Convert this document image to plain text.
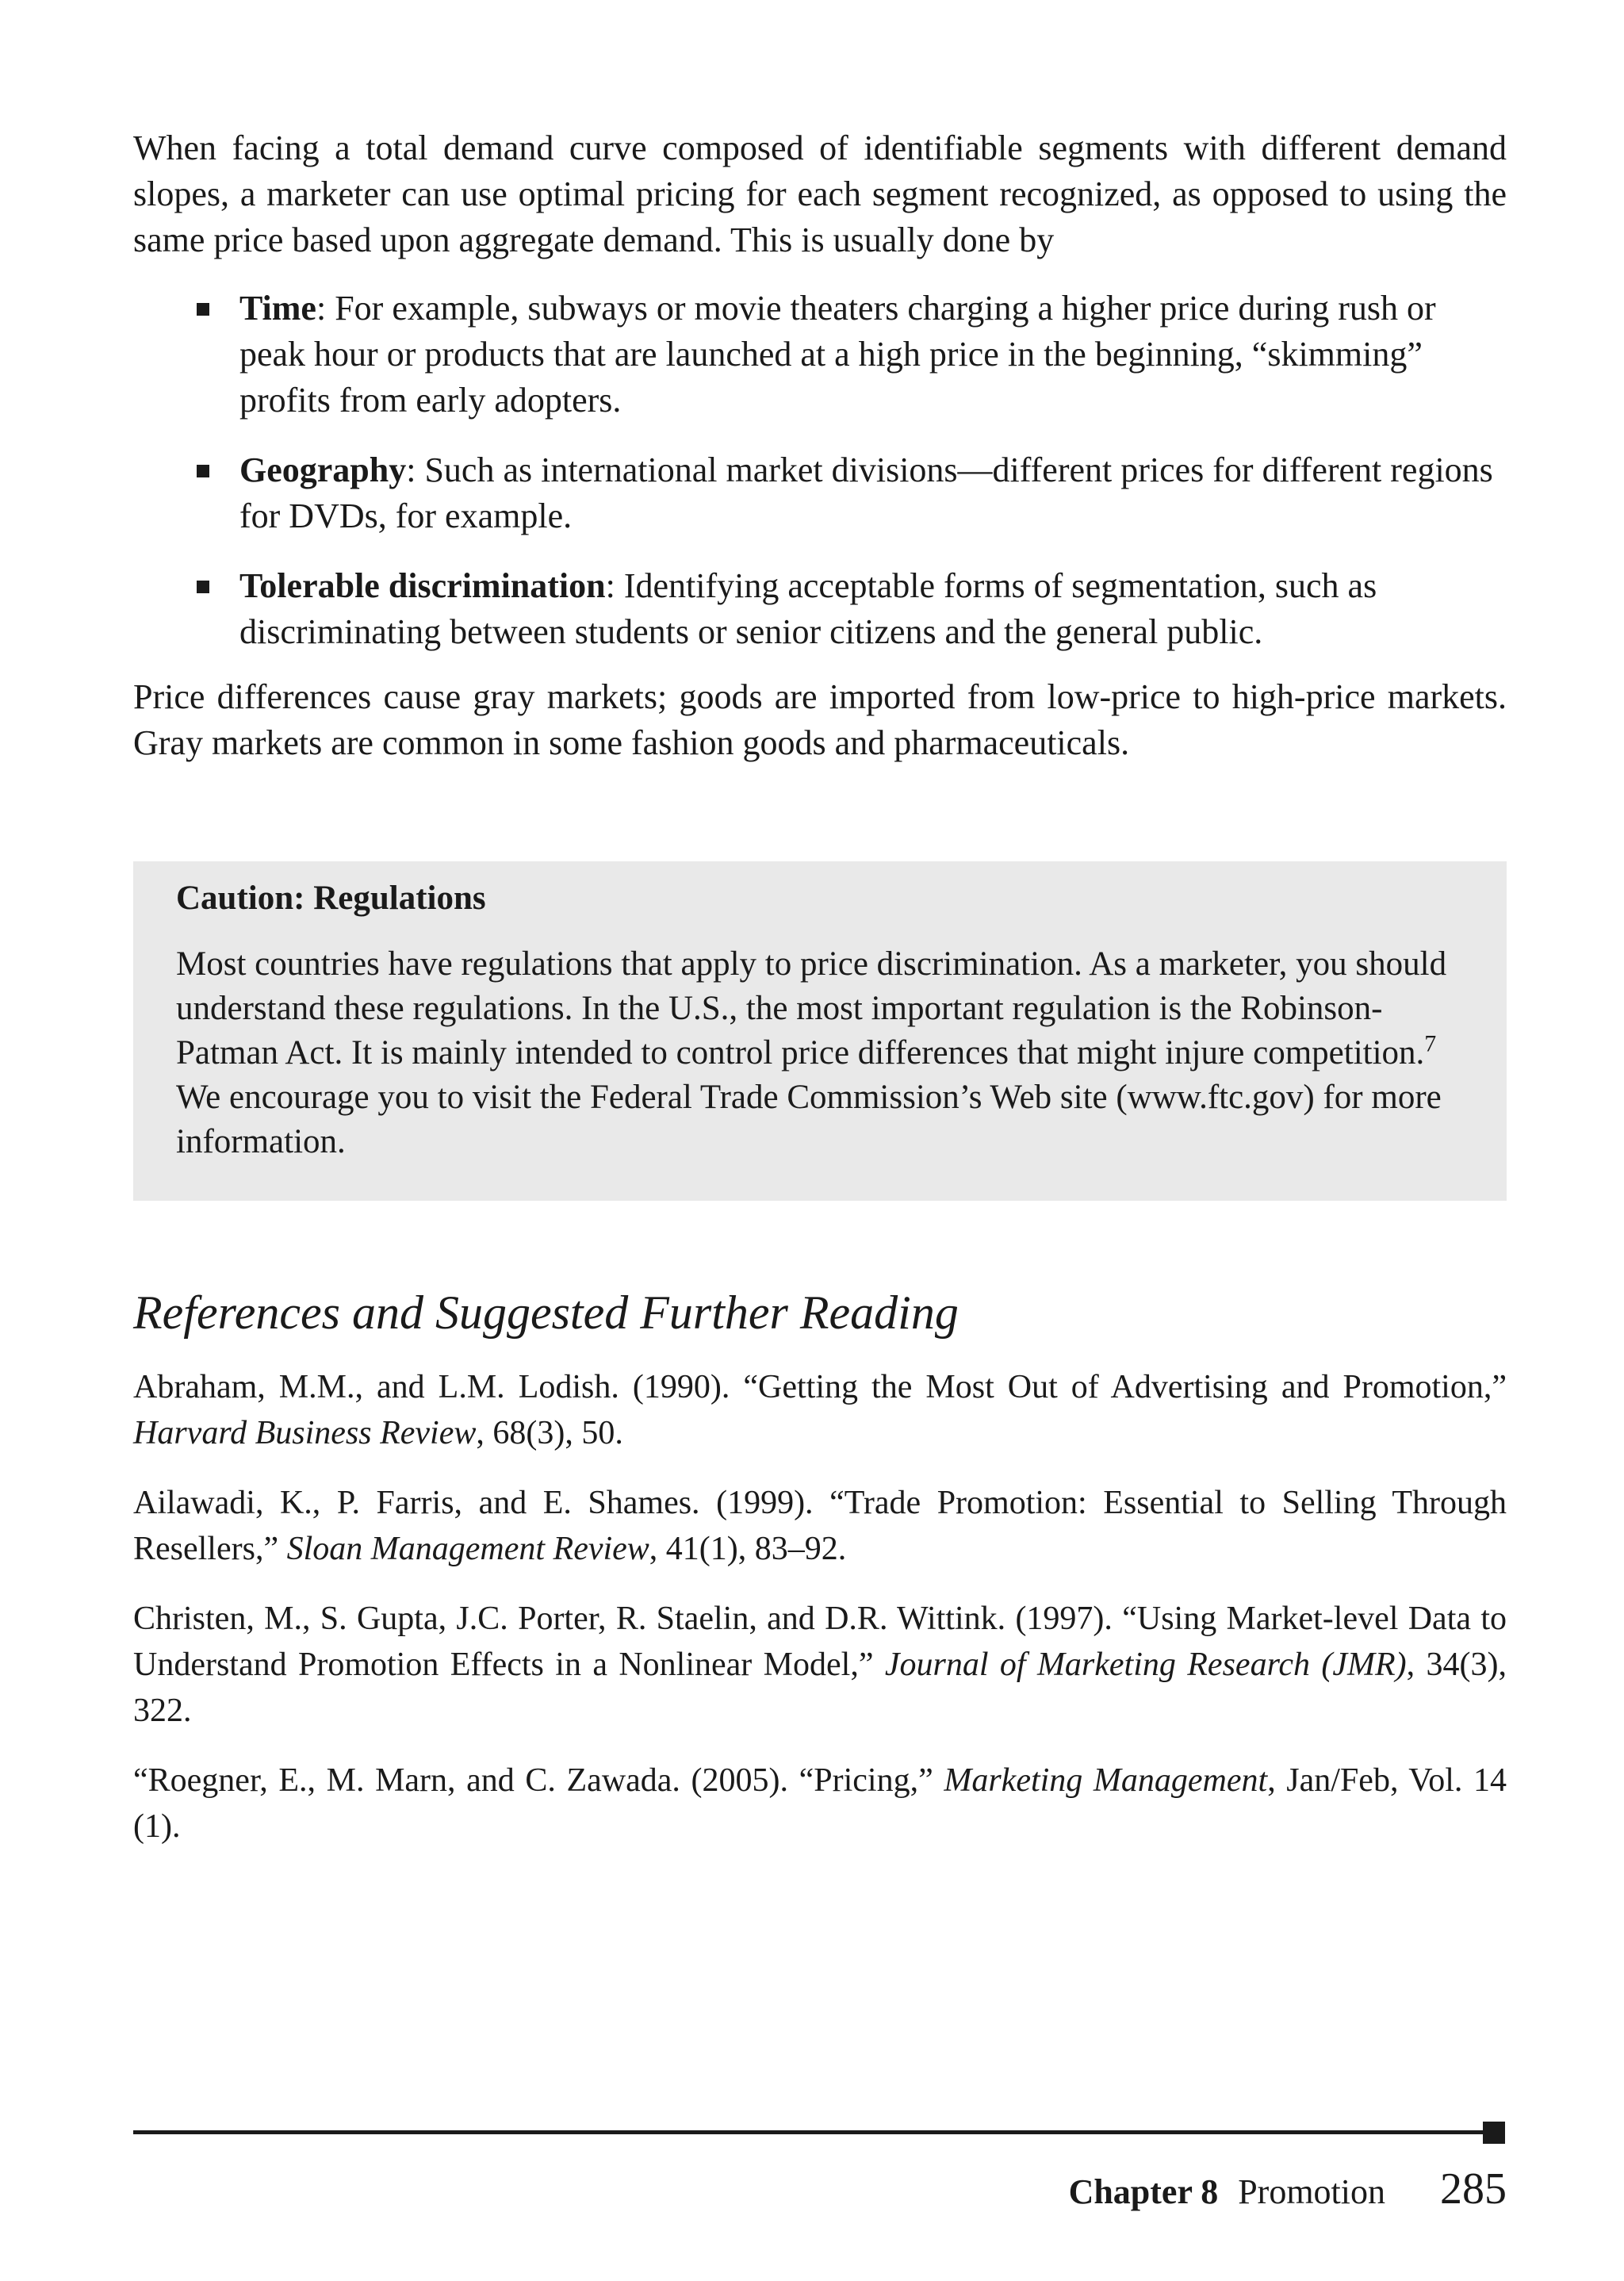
When facing a total demand curve composed of identifiable segments with different demand slopes, a marketer can use optimal pricing for each segment recognized, as opposed to using the same price based upon aggregate demand. This is usually done by

Time: For example, subways or movie theaters charging a higher price during rush or peak hour or products that are launched at a high price in the beginning, “skimming” profits from early adopters.
Geography: Such as international market divisions—different prices for different regions for DVDs, for example.
Tolerable discrimination: Identifying acceptable forms of segmentation, such as discriminating between students or senior citizens and the general public.

Price differences cause gray markets; goods are imported from low-price to high-price markets. Gray markets are common in some fashion goods and pharmaceuticals.

Caution: Regulations

Most countries have regulations that apply to price discrimination. As a marketer, you should understand these regulations. In the U.S., the most important regulation is the Robinson-Patman Act. It is mainly intended to control price differences that might injure competition.$^7$ We encourage you to visit the Federal Trade Commission’s Web site (www.ftc.gov) for more information.

References and Suggested Further Reading
Abraham, M.M., and L.M. Lodish. (1990). “Getting the Most Out of Advertising and Promotion,” Harvard Business Review, 68(3), 50.
Ailawadi, K., P. Farris, and E. Shames. (1999). “Trade Promotion: Essential to Selling Through Resellers,” Sloan Management Review, 41(1), 83–92.
Christen, M., S. Gupta, J.C. Porter, R. Staelin, and D.R. Wittink. (1997). “Using Market-level Data to Understand Promotion Effects in a Nonlinear Model,” Journal of Marketing Research (JMR), 34(3), 322.
“Roegner, E., M. Marn, and C. Zawada. (2005). “Pricing,” Marketing Management, Jan/Feb, Vol. 14 (1).
Chapter 8 Promotion 285
